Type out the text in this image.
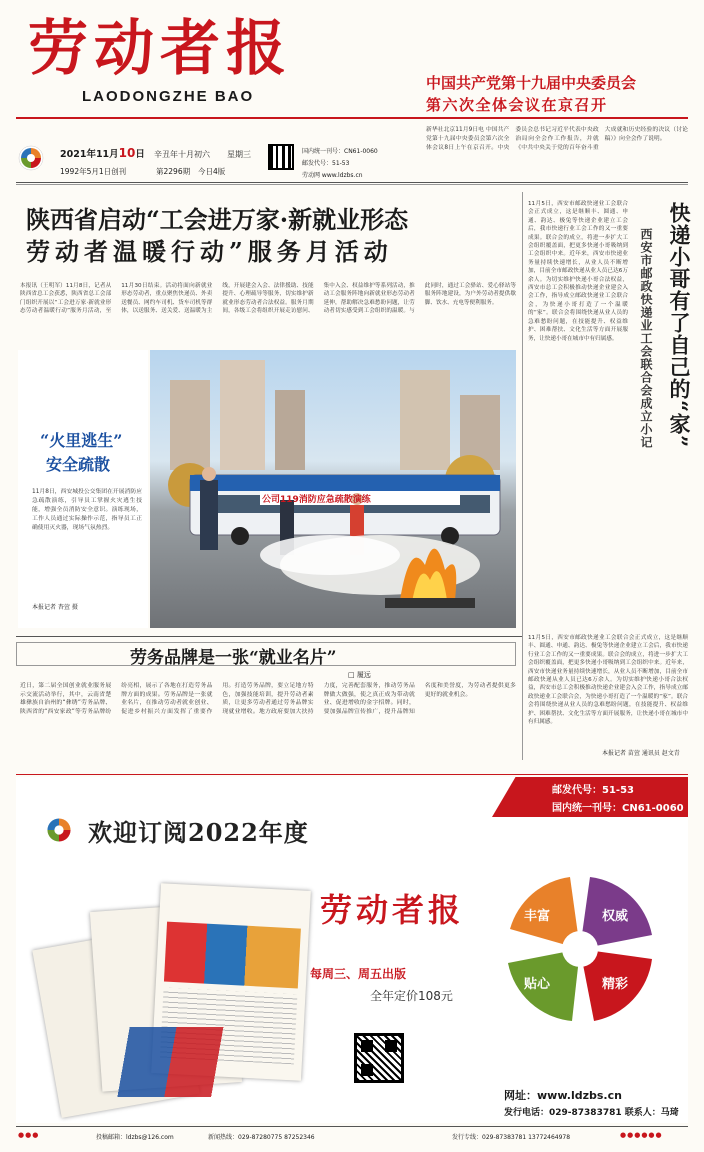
劳动者报
LAODONGZHE BAO
中国共产党第十九届中央委员会
第六次全体会议在京召开
2021年11月10日 辛丑年十月初六 星期三
1992年5月1日创刊	第2296期 今日4版
国内统一刊号：CN61-0060
邮发代号：51-53
劳动网 www.ldzbs.cn
新华社北京11月9日电 中国共产党第十九届中央委员会第六次全体会议8日上午在京召开。中央委员会总书记习近平代表中央政治局向全会作工作报告，并就《中共中央关于党的百年奋斗重大成就和历史经验的决议（讨论稿）》向全会作了说明。
陕西省启动“工会进万家·新就业形态
劳动者温暖行动”服务月活动
本报讯（王明军）11月8日，记者从陕西省总工会获悉，陕西省总工会部门组织开展以“工会进万家·新就业形态劳动者温暖行动”服务月活动，至11月30日结束。活动将面向新就业形态劳动者，重点聚焦快递员、外卖送餐员、网约车司机、货车司机等群体，以送服务、送关爱、送温暖为主线，开展建会入会、法律援助、技能提升、心理疏导等服务，切实维护新就业形态劳动者合法权益。服务月期间，各级工会将组织开展走访慰问、集中入会、权益维护等系列活动，推动工会服务阵地向新就业形态劳动者延伸，帮助解决急难愁盼问题，让劳动者切实感受到工会组织的温暖。与此同时，通过工会驿站、爱心驿站等服务阵地建设，为户外劳动者提供歇脚、饮水、充电等便利服务。
“火里逃生”
安全疏散
11月8日，西安城投公交集团在开展消防应急疏散演练，引导员工掌握火灾逃生技能，增强全员消防安全意识。演练现场，工作人员通过实际操作示范，指导员工正确使用灭火器，现场气氛热烈。
本报记者 杳萱 摄
公司119消防应急疏散演练
劳务品牌是一张“就业名片”
□ 履远
近日，第二届全国创业就业服务展示交流活动举行，其中，云南省楚雄彝族自治州的“彝绣”劳务品牌、陕西省的“西安家政”等劳务品牌纷纷亮相，展示了各地在打造劳务品牌方面的成果。劳务品牌是一张就业名片，在推动劳动者就业创业、促进乡村振兴方面发挥了重要作用。打造劳务品牌，要立足地方特色，加强技能培训，提升劳动者素质，让更多劳动者通过劳务品牌实现就业增收。地方政府要加大扶持力度，完善配套服务，推动劳务品牌做大做强，使之真正成为带动就业、促进增收的金字招牌。同时，要加强品牌宣传推广，提升品牌知名度和美誉度，为劳动者提供更多更好的就业机会。
快递小哥有了自己的“家”
西安市邮政快递业工会联合会成立小记
11月5日，西安市邮政快递业工会联合会正式成立，这是继顺丰、圆通、申通、韵达、极兔等快递企业建立工会后，我市快递行业工会工作的又一重要成果。联合会的成立，将进一步扩大工会组织覆盖面，把更多快递小哥吸纳到工会组织中来。近年来，西安市快递业务量持续快速增长，从业人员不断增加，目前全市邮政快递从业人员已达6万余人。为切实维护快递小哥合法权益，西安市总工会积极推动快递企业建会入会工作，指导成立邮政快递业工会联合会，为快递小哥打造了一个温暖的“家”。联合会将围绕快递从业人员的急难愁盼问题，在技能提升、权益维护、困难帮扶、文化生活等方面开展服务，让快递小哥在城市中有归属感。
11月5日，西安市邮政快递业工会联合会正式成立，这是继顺丰、圆通、申通、韵达、极兔等快递企业建立工会后，我市快递行业工会工作的又一重要成果。联合会的成立，将进一步扩大工会组织覆盖面，把更多快递小哥吸纳到工会组织中来。近年来，西安市快递业务量持续快速增长，从业人员不断增加，目前全市邮政快递从业人员已达6万余人。为切实维护快递小哥合法权益，西安市总工会积极推动快递企业建会入会工作，指导成立邮政快递业工会联合会，为快递小哥打造了一个温暖的“家”。联合会将围绕快递从业人员的急难愁盼问题，在技能提升、权益维护、困难帮扶、文化生活等方面开展服务，让快递小哥在城市中有归属感。
本报记者 苗萱 通讯员 赵文青
邮发代号：51-53
国内统一刊号：CN61-0060
欢迎订阅2022年度
劳动者报
每周三、周五出版
全年定价108元
丰富	权威
精彩
贴心
网址：www.ldzbs.cn
发行电话：029-87383781 联系人：马琦
●●●	投稿邮箱：ldzbs@126.com	新闻热线：029-87280775 87252346	发行专线：029-87383781 13772464978	●●●●●●
